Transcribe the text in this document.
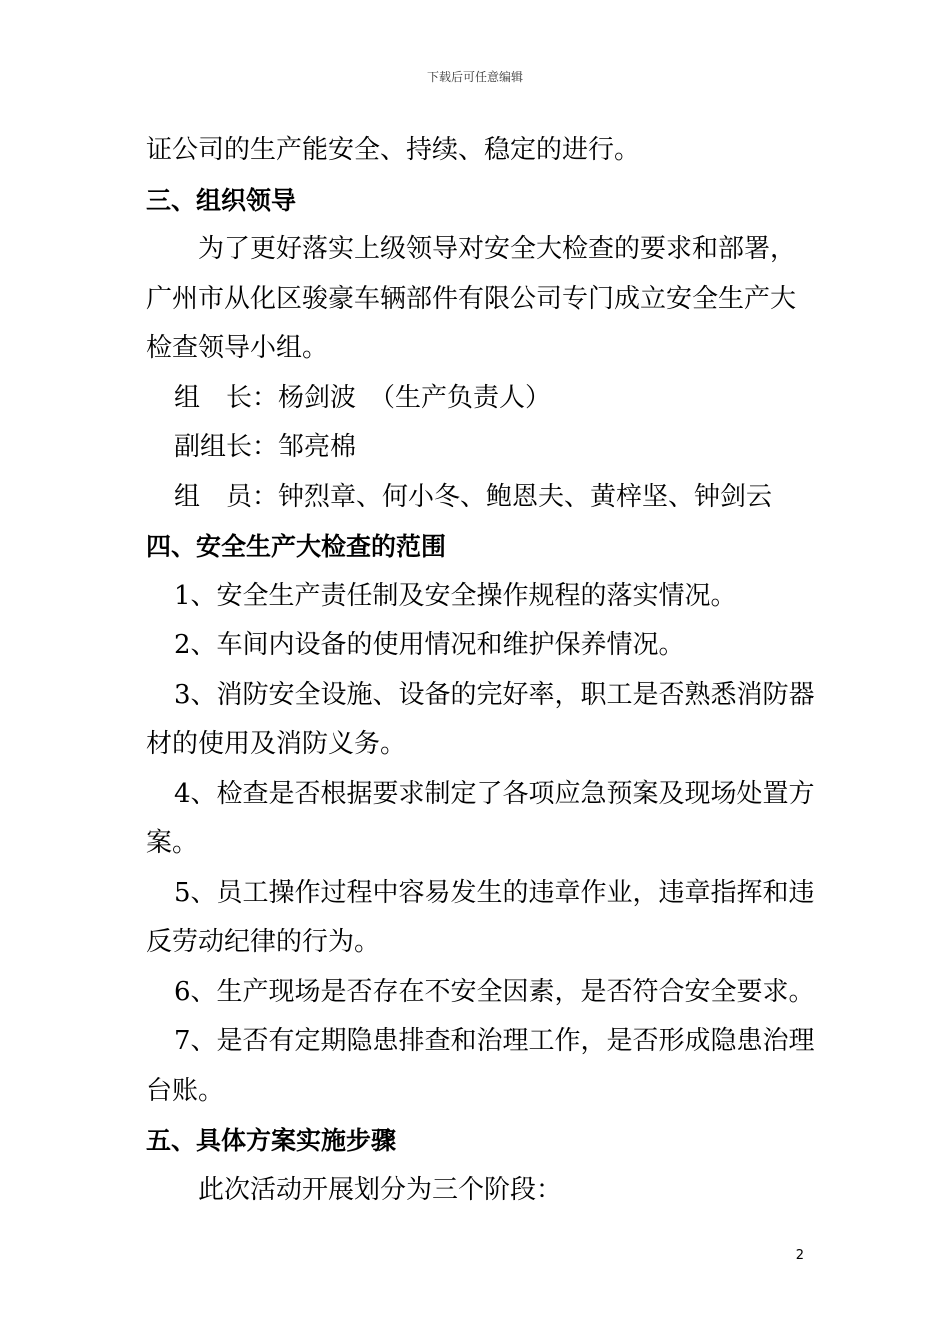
下载后可任意编辑
证公司的生产能安全、持续、稳定的进行。
三、组织领导
为了更好落实上级领导对安全大检查的要求和部署，
广州市从化区骏豪车辆部件有限公司专门成立安全生产大
检查领导小组。
组　长：杨剑波　（生产负责人）
副组长：邹亮棉
组　员：钟烈章、何小冬、鲍恩夫、黄梓坚、钟剑云
四、安全生产大检查的范围
1、安全生产责任制及安全操作规程的落实情况。
2、车间内设备的使用情况和维护保养情况。
3、消防安全设施、设备的完好率，职工是否熟悉消防器
材的使用及消防义务。
4、检查是否根据要求制定了各项应急预案及现场处置方
案。
5、员工操作过程中容易发生的违章作业，违章指挥和违
反劳动纪律的行为。
6、生产现场是否存在不安全因素，是否符合安全要求。
7、是否有定期隐患排查和治理工作，是否形成隐患治理
台账。
五、具体方案实施步骤
此次活动开展划分为三个阶段：
2
